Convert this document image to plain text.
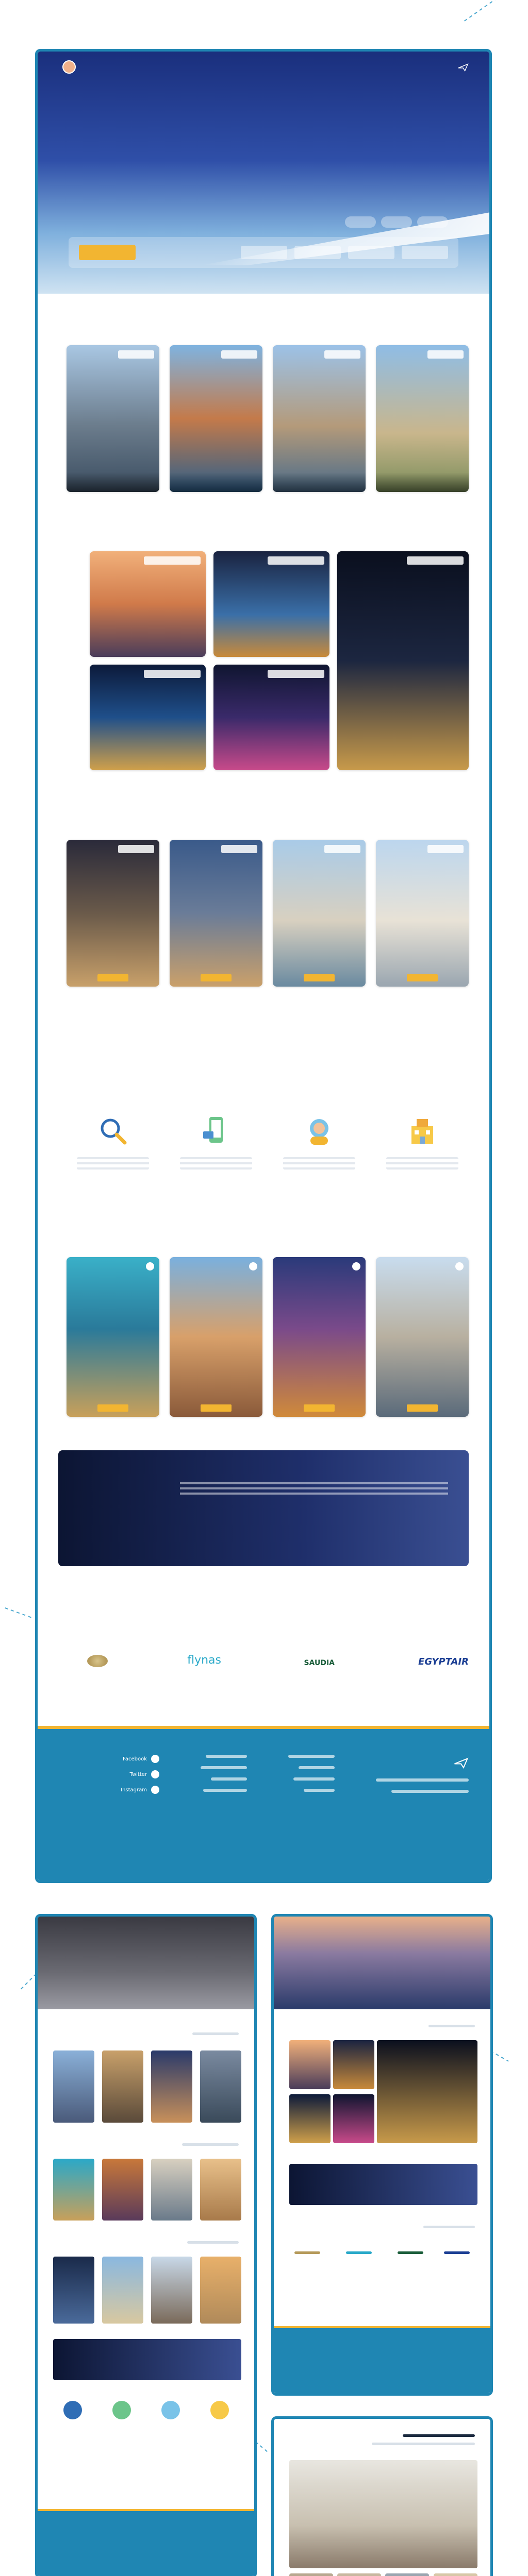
EGYPTAIR
SAUDIA
flynas
Facebook
Twitter
Instagram
